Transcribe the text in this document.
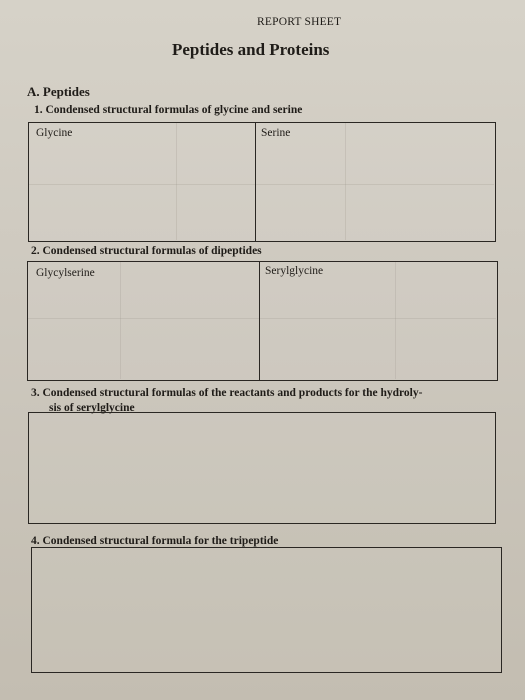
REPORT SHEET
Peptides and Proteins
A. Peptides
1. Condensed structural formulas of glycine and serine
Glycine	Serine
2. Condensed structural formulas of dipeptides
Glycylserine	Serylglycine
3. Condensed structural formulas of the reactants and products for the hydroly-
sis of serylglycine
4. Condensed structural formula for the tripeptide
